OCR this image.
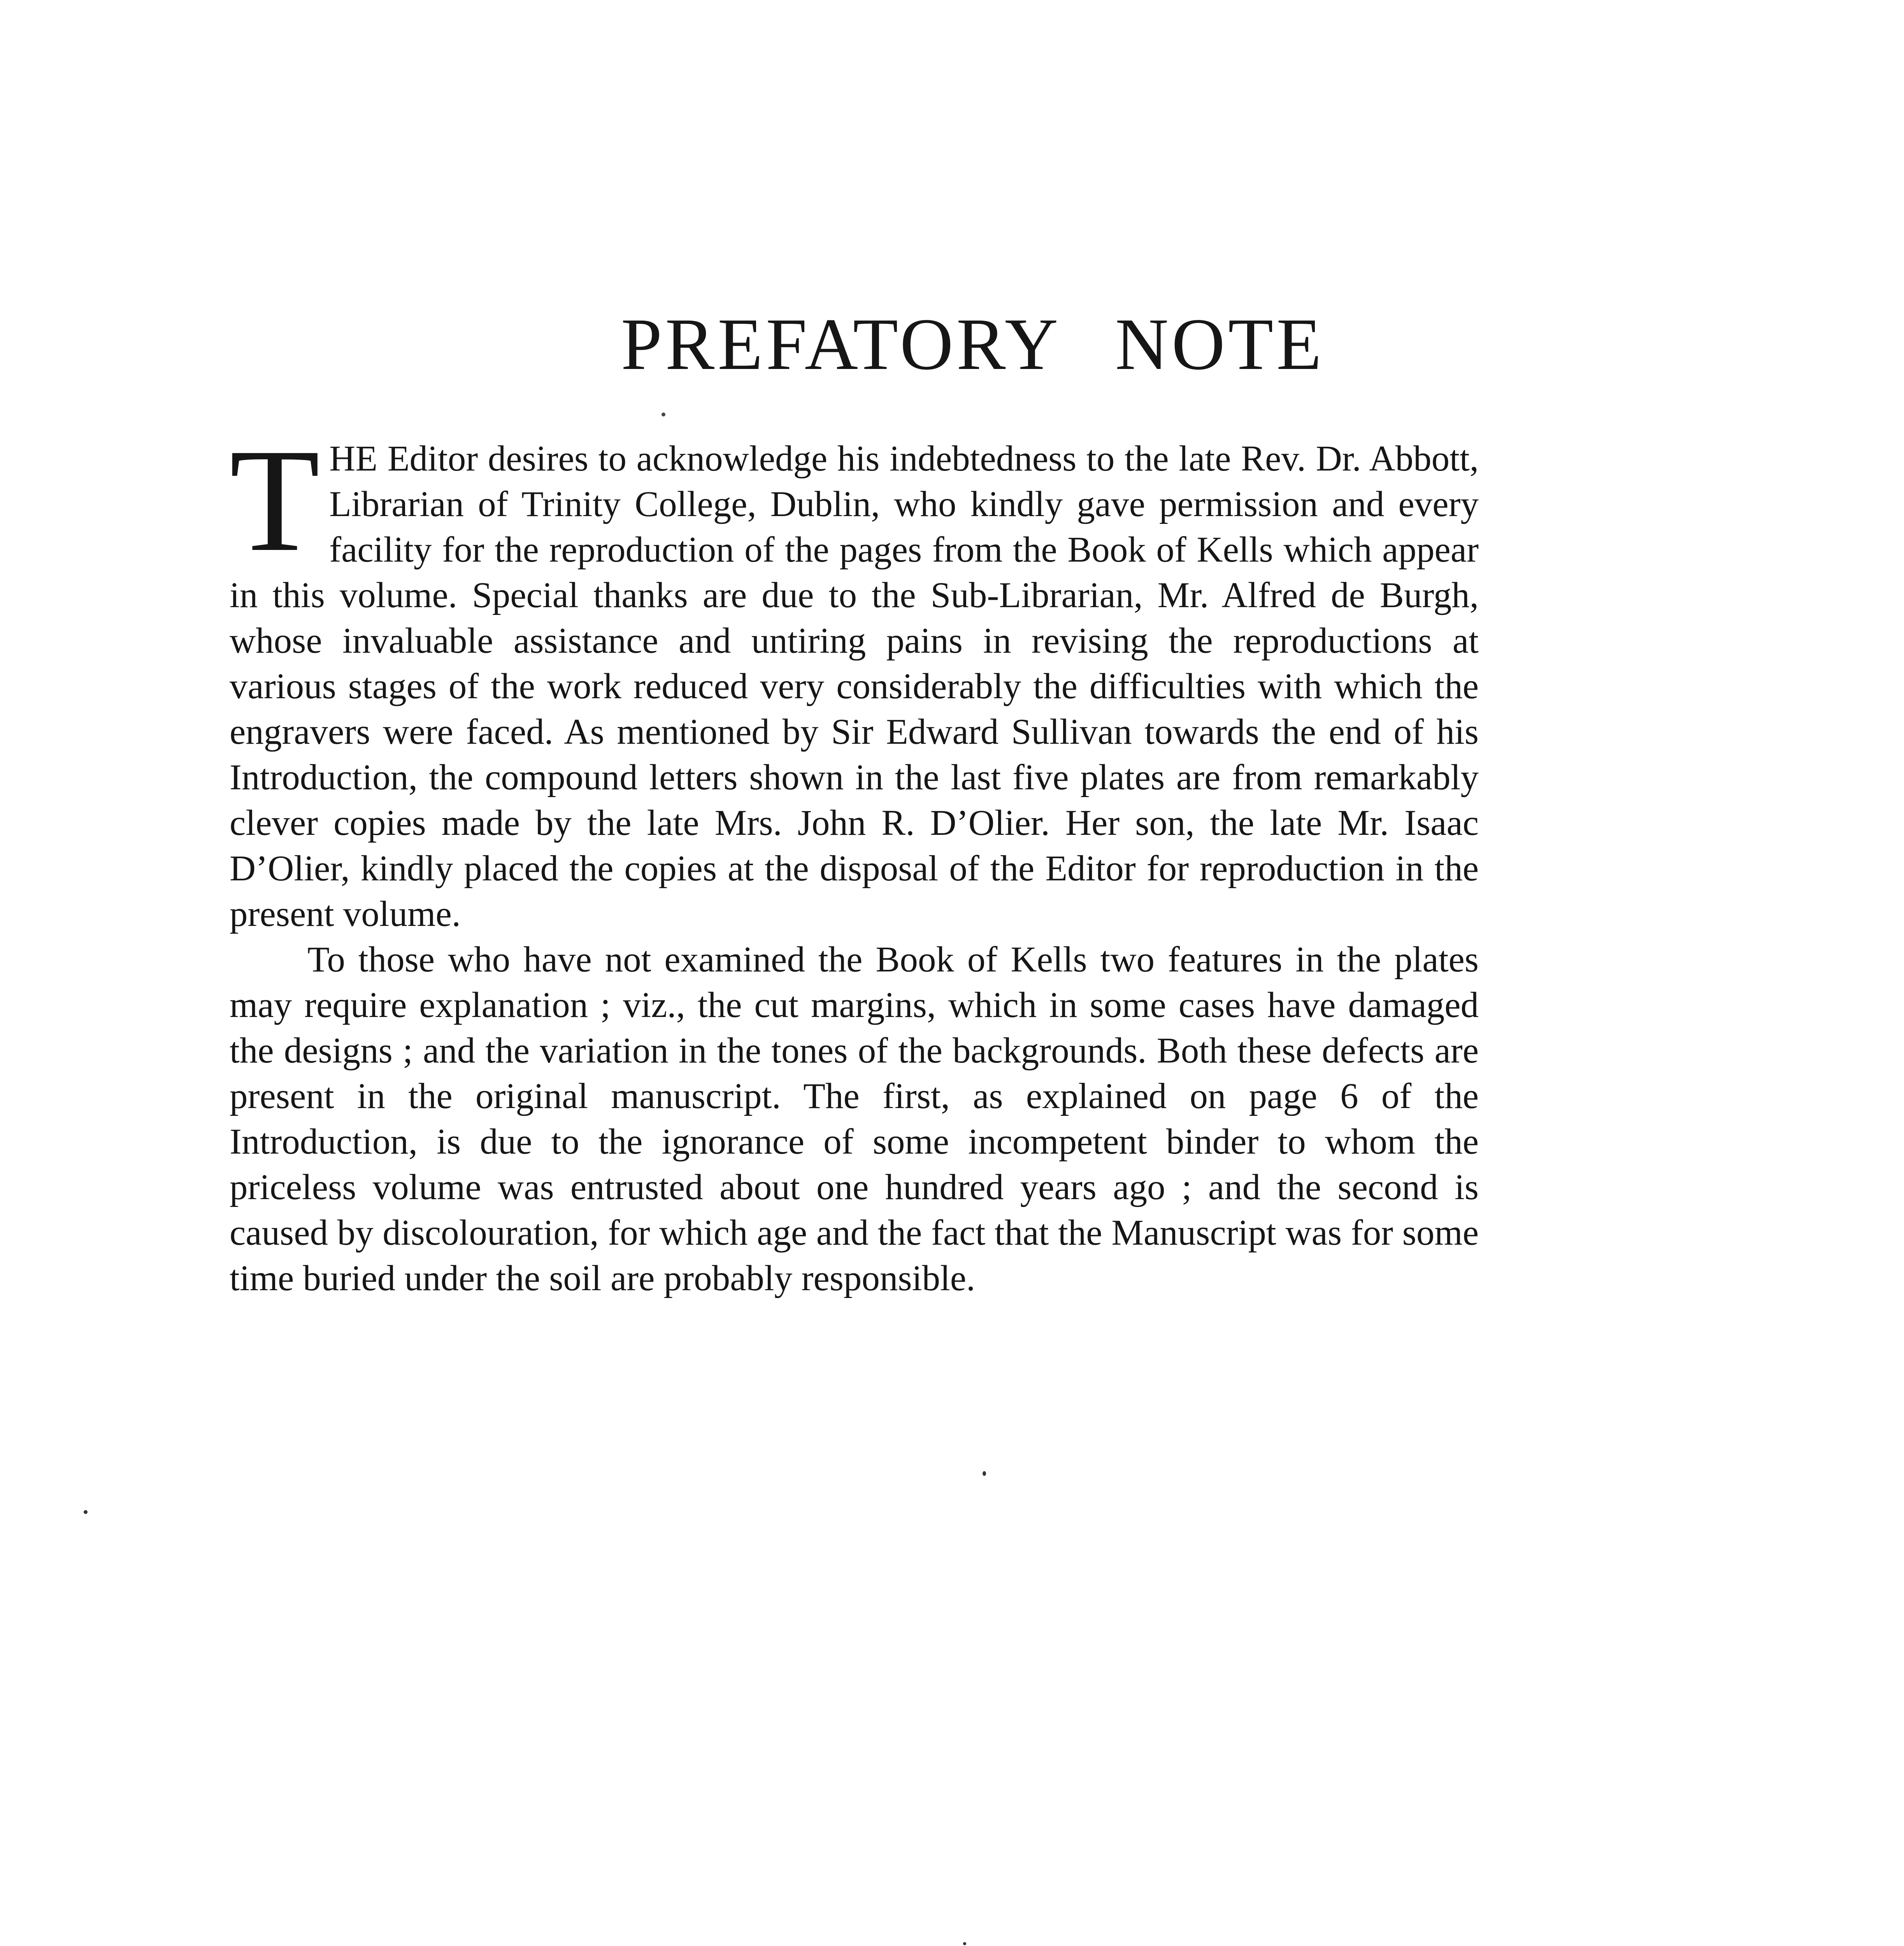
PREFATORY NOTE

THE Editor desires to acknowledge his indebtedness to the late Rev. Dr. Abbott, Librarian of Trinity College, Dublin, who kindly gave permission and every facility for the reproduction of the pages from the Book of Kells which appear in this volume. Special thanks are due to the Sub-Librarian, Mr. Alfred de Burgh, whose invaluable assistance and untiring pains in revising the reproductions at various stages of the work reduced very considerably the difficulties with which the engravers were faced. As mentioned by Sir Edward Sullivan towards the end of his Introduction, the compound letters shown in the last five plates are from remarkably clever copies made by the late Mrs. John R. D’Olier. Her son, the late Mr. Isaac D’Olier, kindly placed the copies at the disposal of the Editor for reproduction in the present volume.

To those who have not examined the Book of Kells two features in the plates may require explanation ; viz., the cut margins, which in some cases have damaged the designs ; and the variation in the tones of the backgrounds. Both these defects are present in the original manuscript. The first, as explained on page 6 of the Introduction, is due to the ignorance of some incompetent binder to whom the priceless volume was entrusted about one hundred years ago ; and the second is caused by discolouration, for which age and the fact that the Manuscript was for some time buried under the soil are probably responsible.
